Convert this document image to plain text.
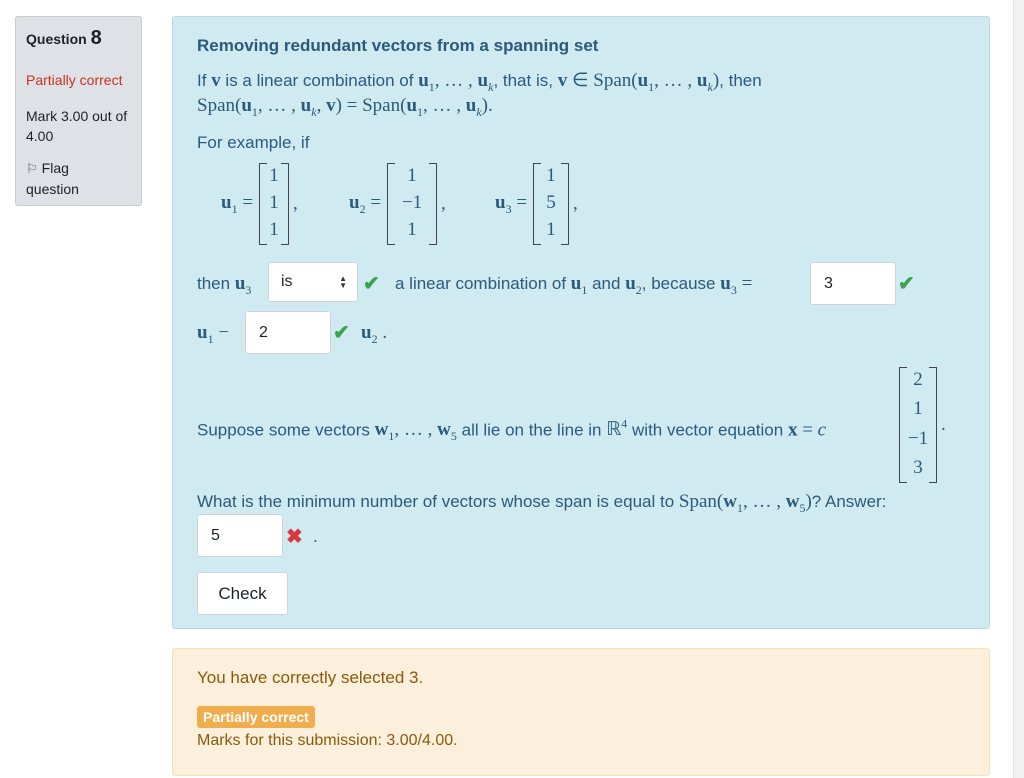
Question 8
Partially correct
Mark 3.00 out of
4.00
⚐ Flag
question
Removing redundant vectors from a spanning set
If v is a linear combination of $u_1$, … , $u_k$, that is, v ∈ $Span(u_1$, … , $u_k$), then
$Span(u_1$, … , $u_k$, $v) = Span(u_1$, … , $u_k$).
For example, if
$u_1$ =
1
1
1
,	$u_2$ =
1
−1
1
,	$u_3$ =
1
5
1
,
then $u_3$ is	▲
▼ ✔ a linear combination of $u_1$ and $u_2$, because $u_3$ =	3	✔
$u_1$ −	2	✔ $u_2$ .
Suppose some vectors $w_1$, … , $w_5$ all lie on the line in ℝ$^4$ with vector equation x = c
2
1
−1
3
.
What is the minimum number of vectors whose span is equal to $Span(w_1$, … , $w_5$)? Answer:
5	✖ .
Check
You have correctly selected 3.
Partially correct
Marks for this submission: 3.00/4.00.
